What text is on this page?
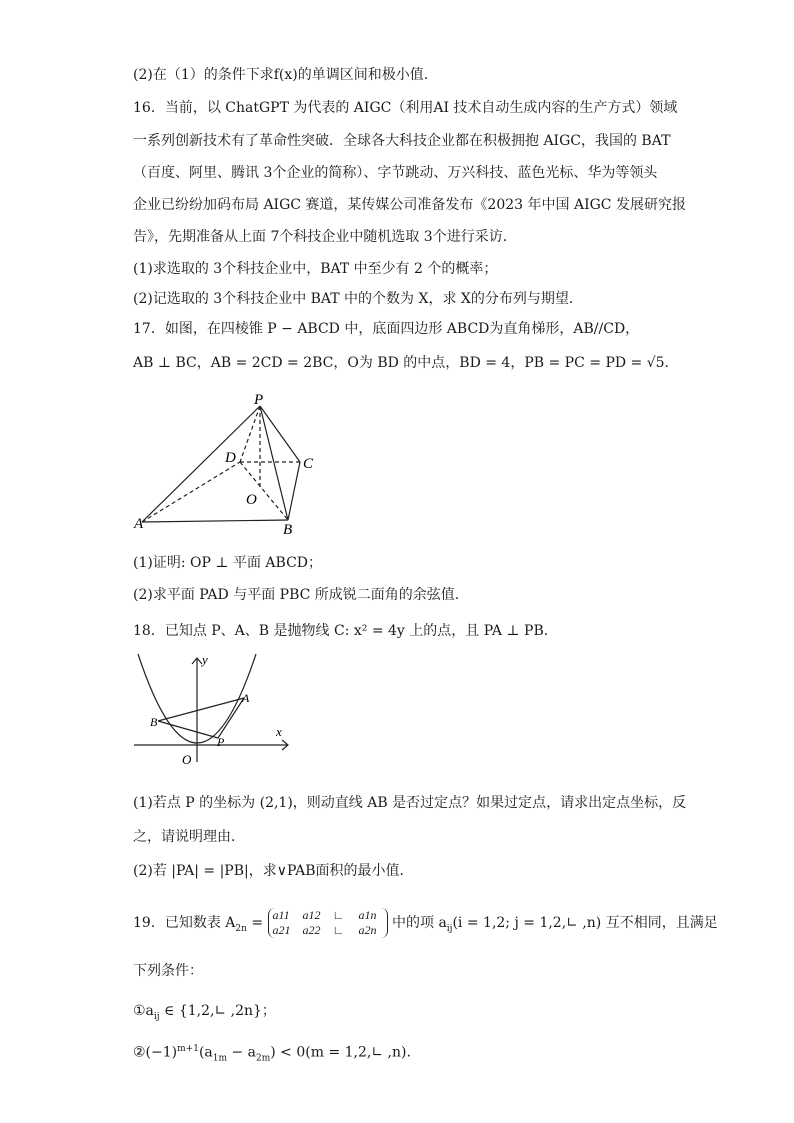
(2)在（1）的条件下求f(x)的单调区间和极小值．
16．当前，以 ChatGPT 为代表的 AIGC（利用AI 技术自动生成内容的生产方式）领域
一系列创新技术有了革命性突破．全球各大科技企业都在积极拥抱 AIGC，我国的 BAT
（百度、阿里、腾讯 3个企业的简称）、字节跳动、万兴科技、蓝色光标、华为等领头
企业已纷纷加码布局 AIGC 赛道，某传媒公司准备发布《2023 年中国 AIGC 发展研究报
告》，先期准备从上面 7个科技企业中随机选取 3个进行采访．
(1)求选取的 3个科技企业中，BAT 中至少有 2 个的概率；
(2)记选取的 3个科技企业中 BAT 中的个数为 X，求 X的分布列与期望．
17．如图，在四棱锥 P − ABCD 中，底面四边形 ABCD为直角梯形，AB//CD，
AB ⊥ BC，AB = 2CD = 2BC，O为 BD 的中点，BD = 4，PB = PC = PD = √5．
P
A	B
C
D
O
(1)证明: OP ⊥ 平面 ABCD；
(2)求平面 PAD 与平面 PBC 所成锐二面角的余弦值.
18．已知点 P、A、B 是抛物线 C: x² = 4y 上的点，且 PA ⊥ PB．
y
x
O
A
B
P
(1)若点 P 的坐标为 (2,1)，则动直线 AB 是否过定点？如果过定点，请求出定点坐标，反
之，请说明理由．
(2)若 |PA| = |PB|，求∨PAB面积的最小值．
19．已知数表 $A_{2n} = a11$ a12 ∟ a1n
a21 a22 ∟ a2n	中的项 $a_{ij}(i = 1,2$; j = 1,2,∟ ,n) 互不相同，且满足
下列条件：
$①a_{ij}$ ∈ {1,2,∟ ,2n}；
$②(-1)^{m+1}(a_{1m} - a_{2m}) < 0(m$ = 1,2,∟ ,n).
